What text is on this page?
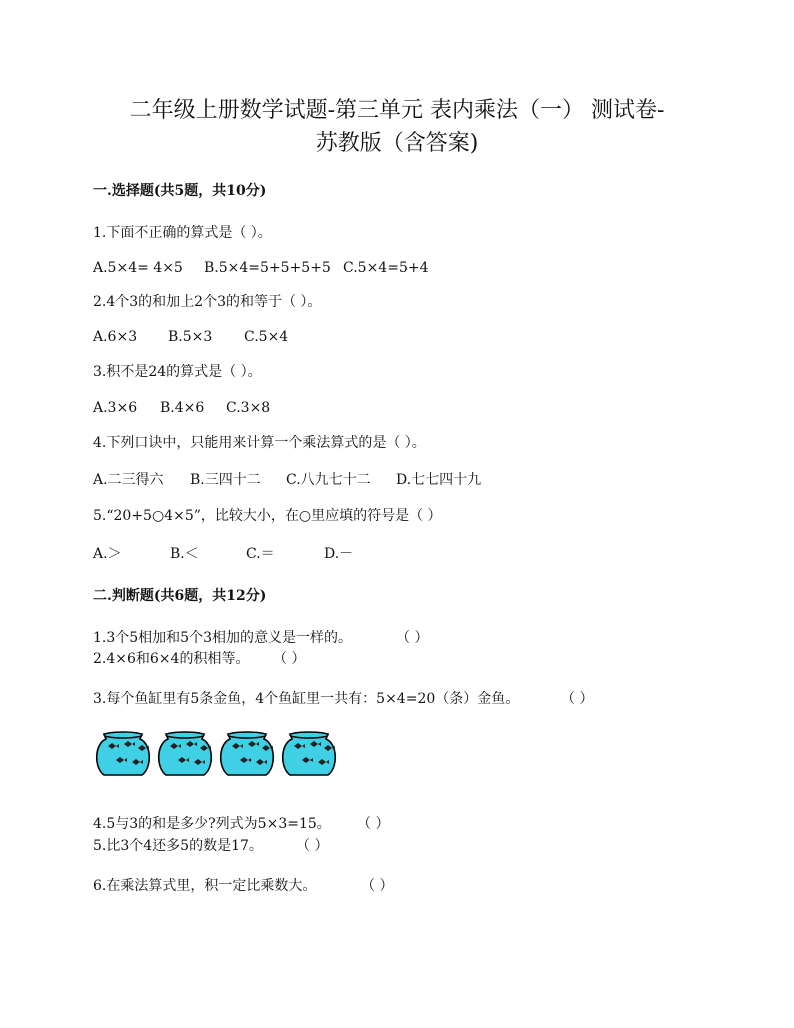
二年级上册数学试题-第三单元 表内乘法（一） 测试卷-
苏教版（含答案)
一.选择题(共5题，共10分)
1.下面不正确的算式是（ ）。
A.5×4= 4×5 B.5×4=5+5+5+5 C.5×4=5+4
2.4个3的和加上2个3的和等于（ ）。
A.6×3 B.5×3 C.5×4
3.积不是24的算式是（ ）。
A.3×6 B.4×6 C.3×8
4.下列口诀中，只能用来计算一个乘法算式的是（ ）。
A.二三得六 B.三四十二 C.八九七十二 D.七七四十九
5.“20+5○4×5”，比较大小，在○里应填的符号是（ ）
A.＞	B.＜	C.＝	D.－
二.判断题(共6题，共12分)
1.3个5相加和5个3相加的意义是一样的。	（ ）
2.4×6和6×4的积相等。 （ ）
3.每个鱼缸里有5条金鱼，4个鱼缸里一共有：5×4=20（条）金鱼。	（ ）
4.5与3的和是多少?列式为5×3=15。 （ ）
5.比3个4还多5的数是17。 （ ）
6.在乘法算式里，积一定比乘数大。	（ ）
